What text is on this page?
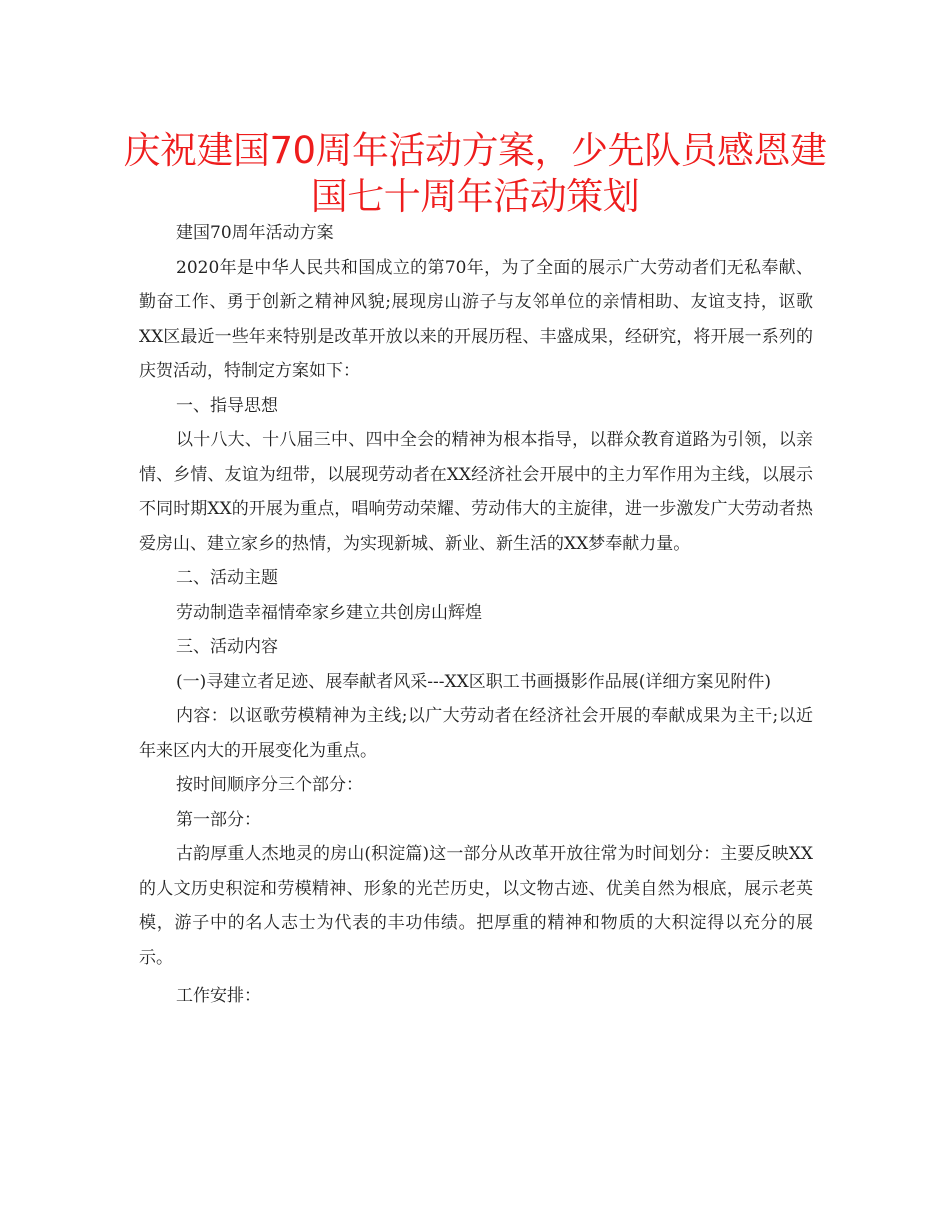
庆祝建国70周年活动方案，少先队员感恩建国七十周年活动策划

建国70周年活动方案

2020年是中华人民共和国成立的第70年，为了全面的展示广大劳动者们无私奉献、勤奋工作、勇于创新之精神风貌;展现房山游子与友邻单位的亲情相助、友谊支持，讴歌XX区最近一些年来特别是改革开放以来的开展历程、丰盛成果，经研究，将开展一系列的庆贺活动，特制定方案如下：

一、指导思想

以十八大、十八届三中、四中全会的精神为根本指导，以群众教育道路为引领，以亲情、乡情、友谊为纽带，以展现劳动者在XX经济社会开展中的主力军作用为主线，以展示不同时期XX的开展为重点，唱响劳动荣耀、劳动伟大的主旋律，进一步激发广大劳动者热爱房山、建立家乡的热情，为实现新城、新业、新生活的XX梦奉献力量。

二、活动主题

劳动制造幸福情牵家乡建立共创房山辉煌

三、活动内容

(一)寻建立者足迹、展奉献者风采---XX区职工书画摄影作品展(详细方案见附件)

内容：以讴歌劳模精神为主线;以广大劳动者在经济社会开展的奉献成果为主干;以近年来区内大的开展变化为重点。

按时间顺序分三个部分：

第一部分：

古韵厚重人杰地灵的房山(积淀篇)这一部分从改革开放往常为时间划分：主要反映XX的人文历史积淀和劳模精神、形象的光芒历史，以文物古迹、优美自然为根底，展示老英模，游子中的名人志士为代表的丰功伟绩。把厚重的精神和物质的大积淀得以充分的展示。

工作安排：
